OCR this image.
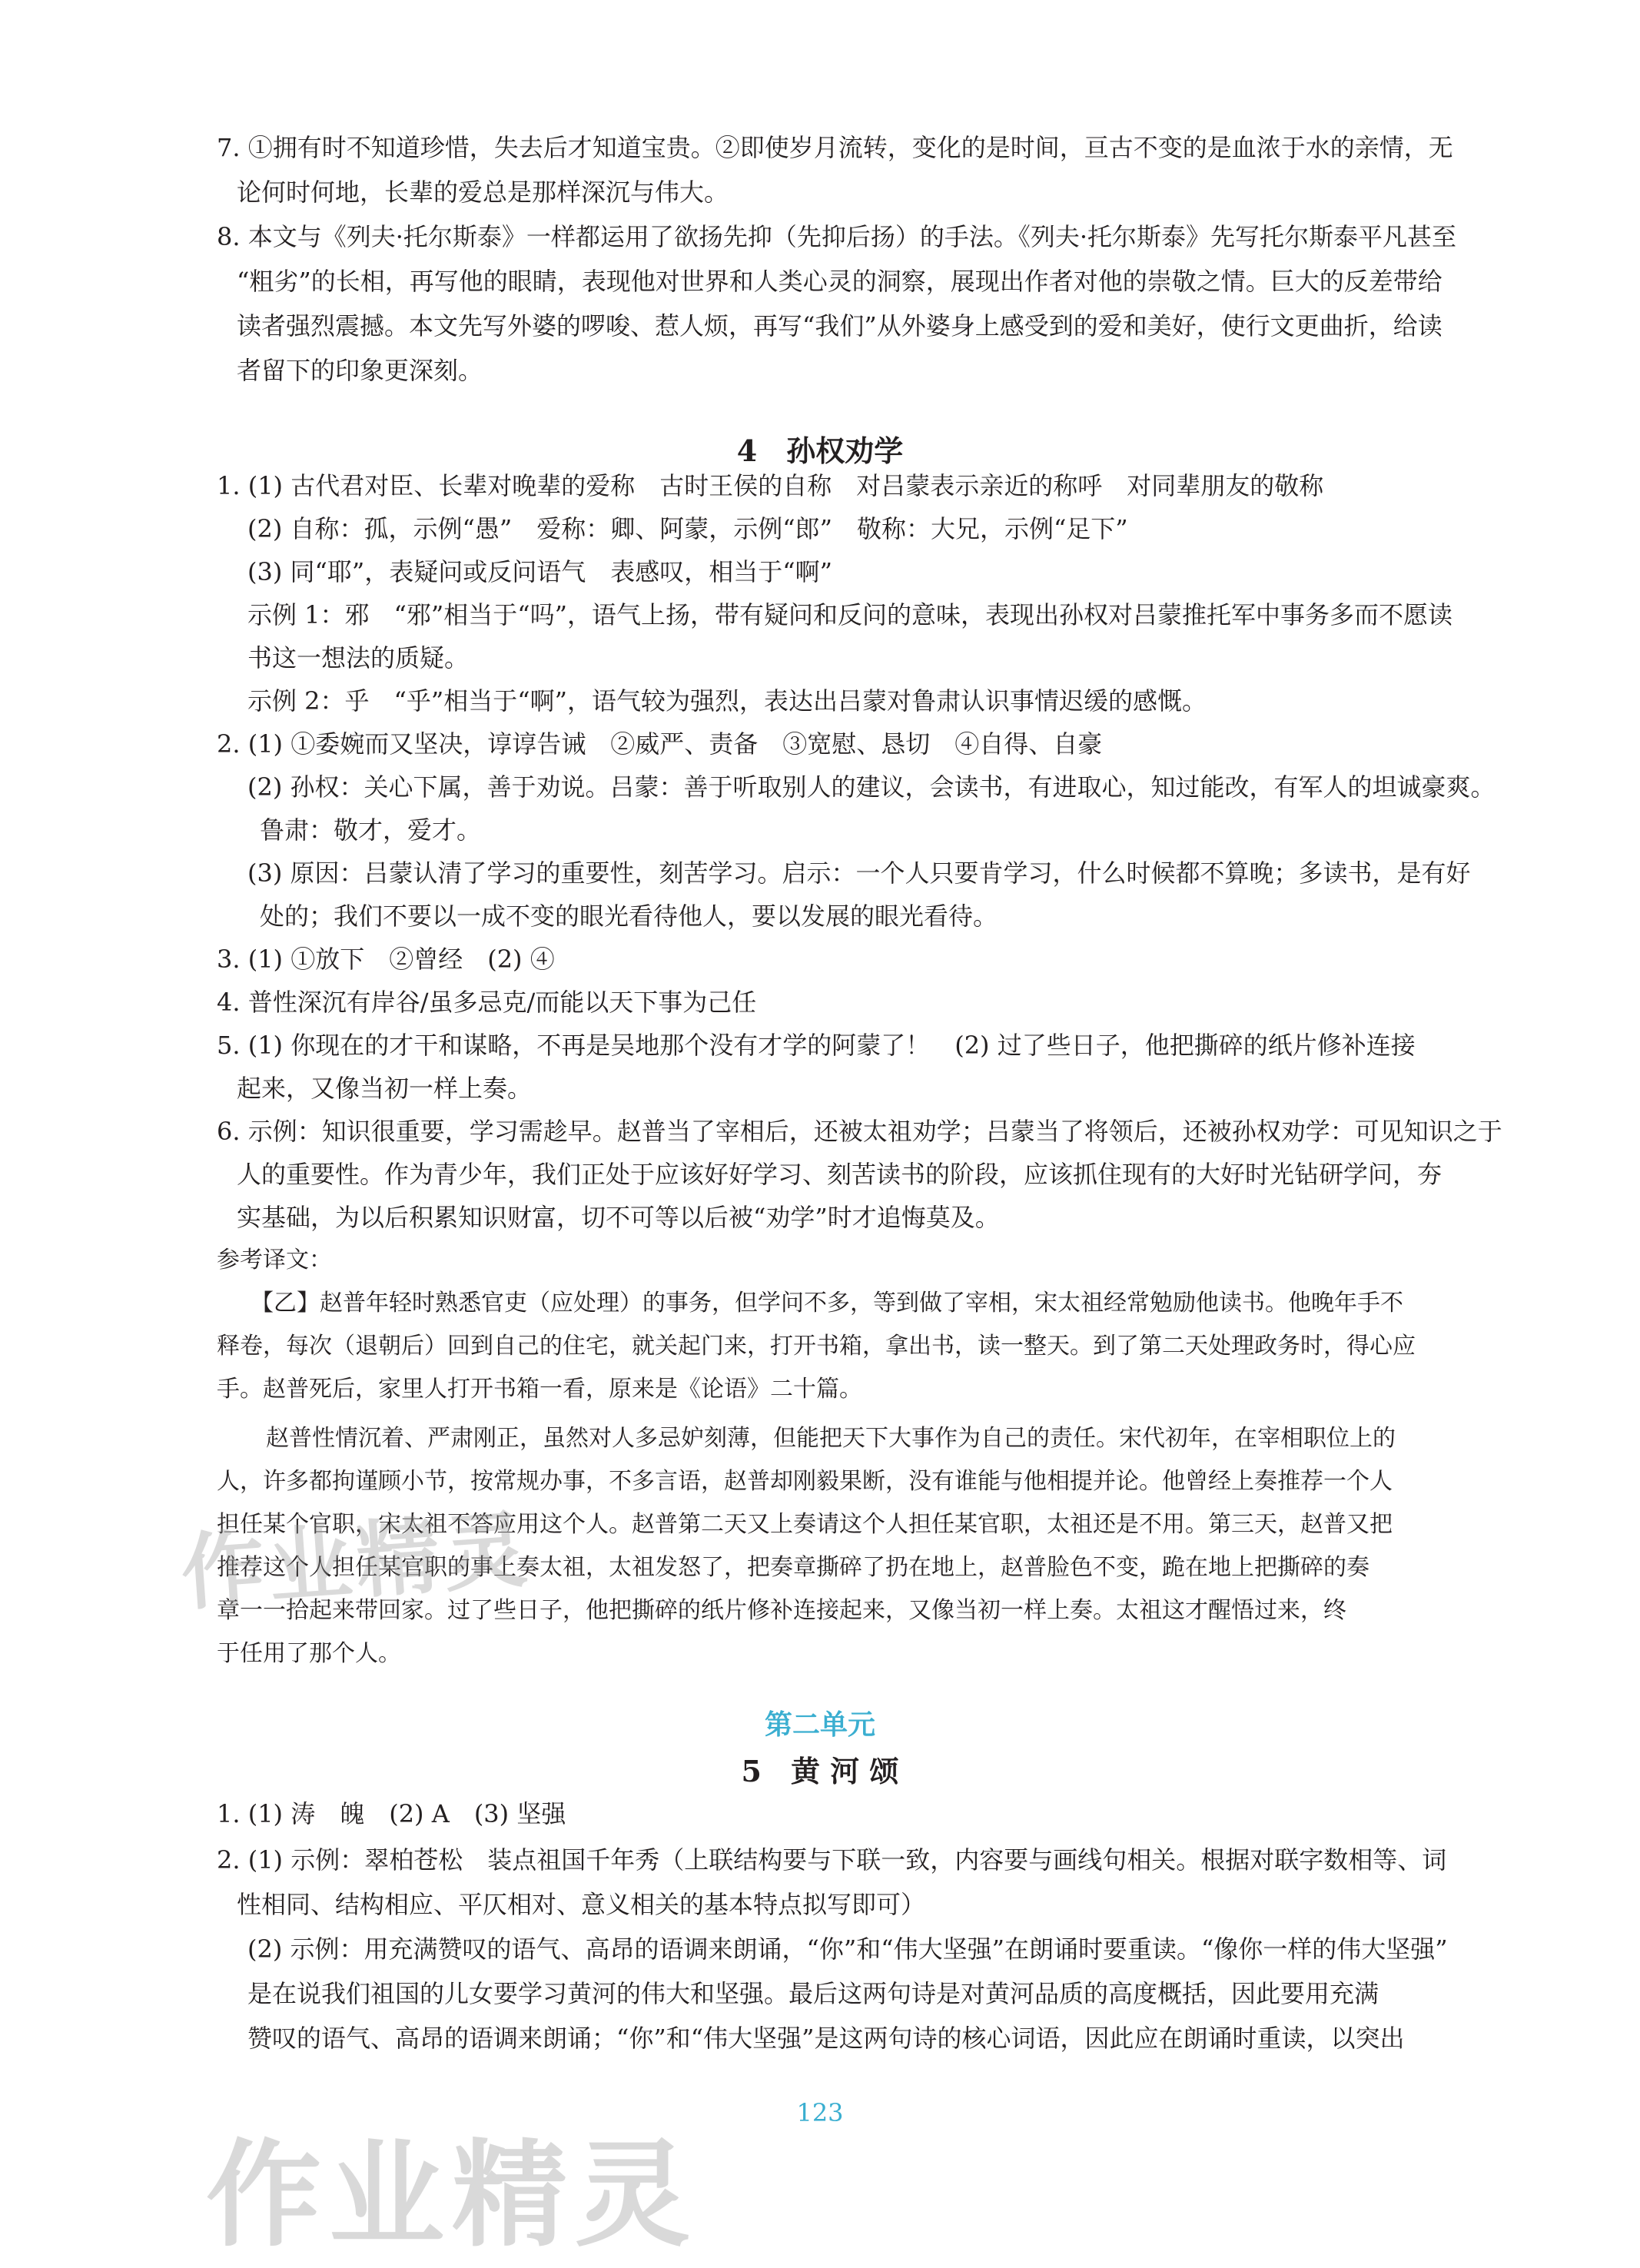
7. ①拥有时不知道珍惜，失去后才知道宝贵。②即使岁月流转，变化的是时间，亘古不变的是血浓于水的亲情，无
论何时何地，长辈的爱总是那样深沉与伟大。
8. 本文与《列夫·托尔斯泰》一样都运用了欲扬先抑（先抑后扬）的手法。《列夫·托尔斯泰》先写托尔斯泰平凡甚至
“粗劣”的长相，再写他的眼睛，表现他对世界和人类心灵的洞察，展现出作者对他的崇敬之情。巨大的反差带给
读者强烈震撼。本文先写外婆的啰唆、惹人烦，再写“我们”从外婆身上感受到的爱和美好，使行文更曲折，给读
者留下的印象更深刻。
4　孙权劝学
1. (1) 古代君对臣、长辈对晚辈的爱称　古时王侯的自称　对吕蒙表示亲近的称呼　对同辈朋友的敬称
(2) 自称：孤，示例“愚”　爱称：卿、阿蒙，示例“郎”　敬称：大兄，示例“足下”
(3) 同“耶”，表疑问或反问语气　表感叹，相当于“啊”
示例 1：邪　“邪”相当于“吗”，语气上扬，带有疑问和反问的意味，表现出孙权对吕蒙推托军中事务多而不愿读
书这一想法的质疑。
示例 2：乎　“乎”相当于“啊”，语气较为强烈，表达出吕蒙对鲁肃认识事情迟缓的感慨。
2. (1) ①委婉而又坚决，谆谆告诫　②威严、责备　③宽慰、恳切　④自得、自豪
(2) 孙权：关心下属，善于劝说。吕蒙：善于听取别人的建议，会读书，有进取心，知过能改，有军人的坦诚豪爽。
鲁肃：敬才，爱才。
(3) 原因：吕蒙认清了学习的重要性，刻苦学习。启示：一个人只要肯学习，什么时候都不算晚；多读书，是有好
处的；我们不要以一成不变的眼光看待他人，要以发展的眼光看待。
3. (1) ①放下　②曾经　(2) ④
4. 普性深沉有岸谷/虽多忌克/而能以天下事为己任
5. (1) 你现在的才干和谋略，不再是吴地那个没有才学的阿蒙了！　(2) 过了些日子，他把撕碎的纸片修补连接
起来，又像当初一样上奏。
6. 示例：知识很重要，学习需趁早。赵普当了宰相后，还被太祖劝学；吕蒙当了将领后，还被孙权劝学：可见知识之于
人的重要性。作为青少年，我们正处于应该好好学习、刻苦读书的阶段，应该抓住现有的大好时光钻研学问，夯
实基础，为以后积累知识财富，切不可等以后被“劝学”时才追悔莫及。
参考译文：
【乙】赵普年轻时熟悉官吏（应处理）的事务，但学问不多，等到做了宰相，宋太祖经常勉励他读书。他晚年手不
释卷，每次（退朝后）回到自己的住宅，就关起门来，打开书箱，拿出书，读一整天。到了第二天处理政务时，得心应
手。赵普死后，家里人打开书箱一看，原来是《论语》二十篇。
赵普性情沉着、严肃刚正，虽然对人多忌妒刻薄，但能把天下大事作为自己的责任。宋代初年，在宰相职位上的
人，许多都拘谨顾小节，按常规办事，不多言语，赵普却刚毅果断，没有谁能与他相提并论。他曾经上奏推荐一个人
担任某个官职，宋太祖不答应用这个人。赵普第二天又上奏请这个人担任某官职，太祖还是不用。第三天，赵普又把
推荐这个人担任某官职的事上奏太祖，太祖发怒了，把奏章撕碎了扔在地上，赵普脸色不变，跪在地上把撕碎的奏
章一一拾起来带回家。过了些日子，他把撕碎的纸片修补连接起来，又像当初一样上奏。太祖这才醒悟过来，终
于任用了那个人。
第二单元
5　黄 河 颂
1. (1) 涛　魄　(2) A　(3) 坚强
2. (1) 示例：翠柏苍松　装点祖国千年秀（上联结构要与下联一致，内容要与画线句相关。根据对联字数相等、词
性相同、结构相应、平仄相对、意义相关的基本特点拟写即可）
(2) 示例：用充满赞叹的语气、高昂的语调来朗诵，“你”和“伟大坚强”在朗诵时要重读。“像你一样的伟大坚强”
是在说我们祖国的儿女要学习黄河的伟大和坚强。最后这两句诗是对黄河品质的高度概括，因此要用充满
赞叹的语气、高昂的语调来朗诵；“你”和“伟大坚强”是这两句诗的核心词语，因此应在朗诵时重读，以突出
123
作业精灵
作业精灵
